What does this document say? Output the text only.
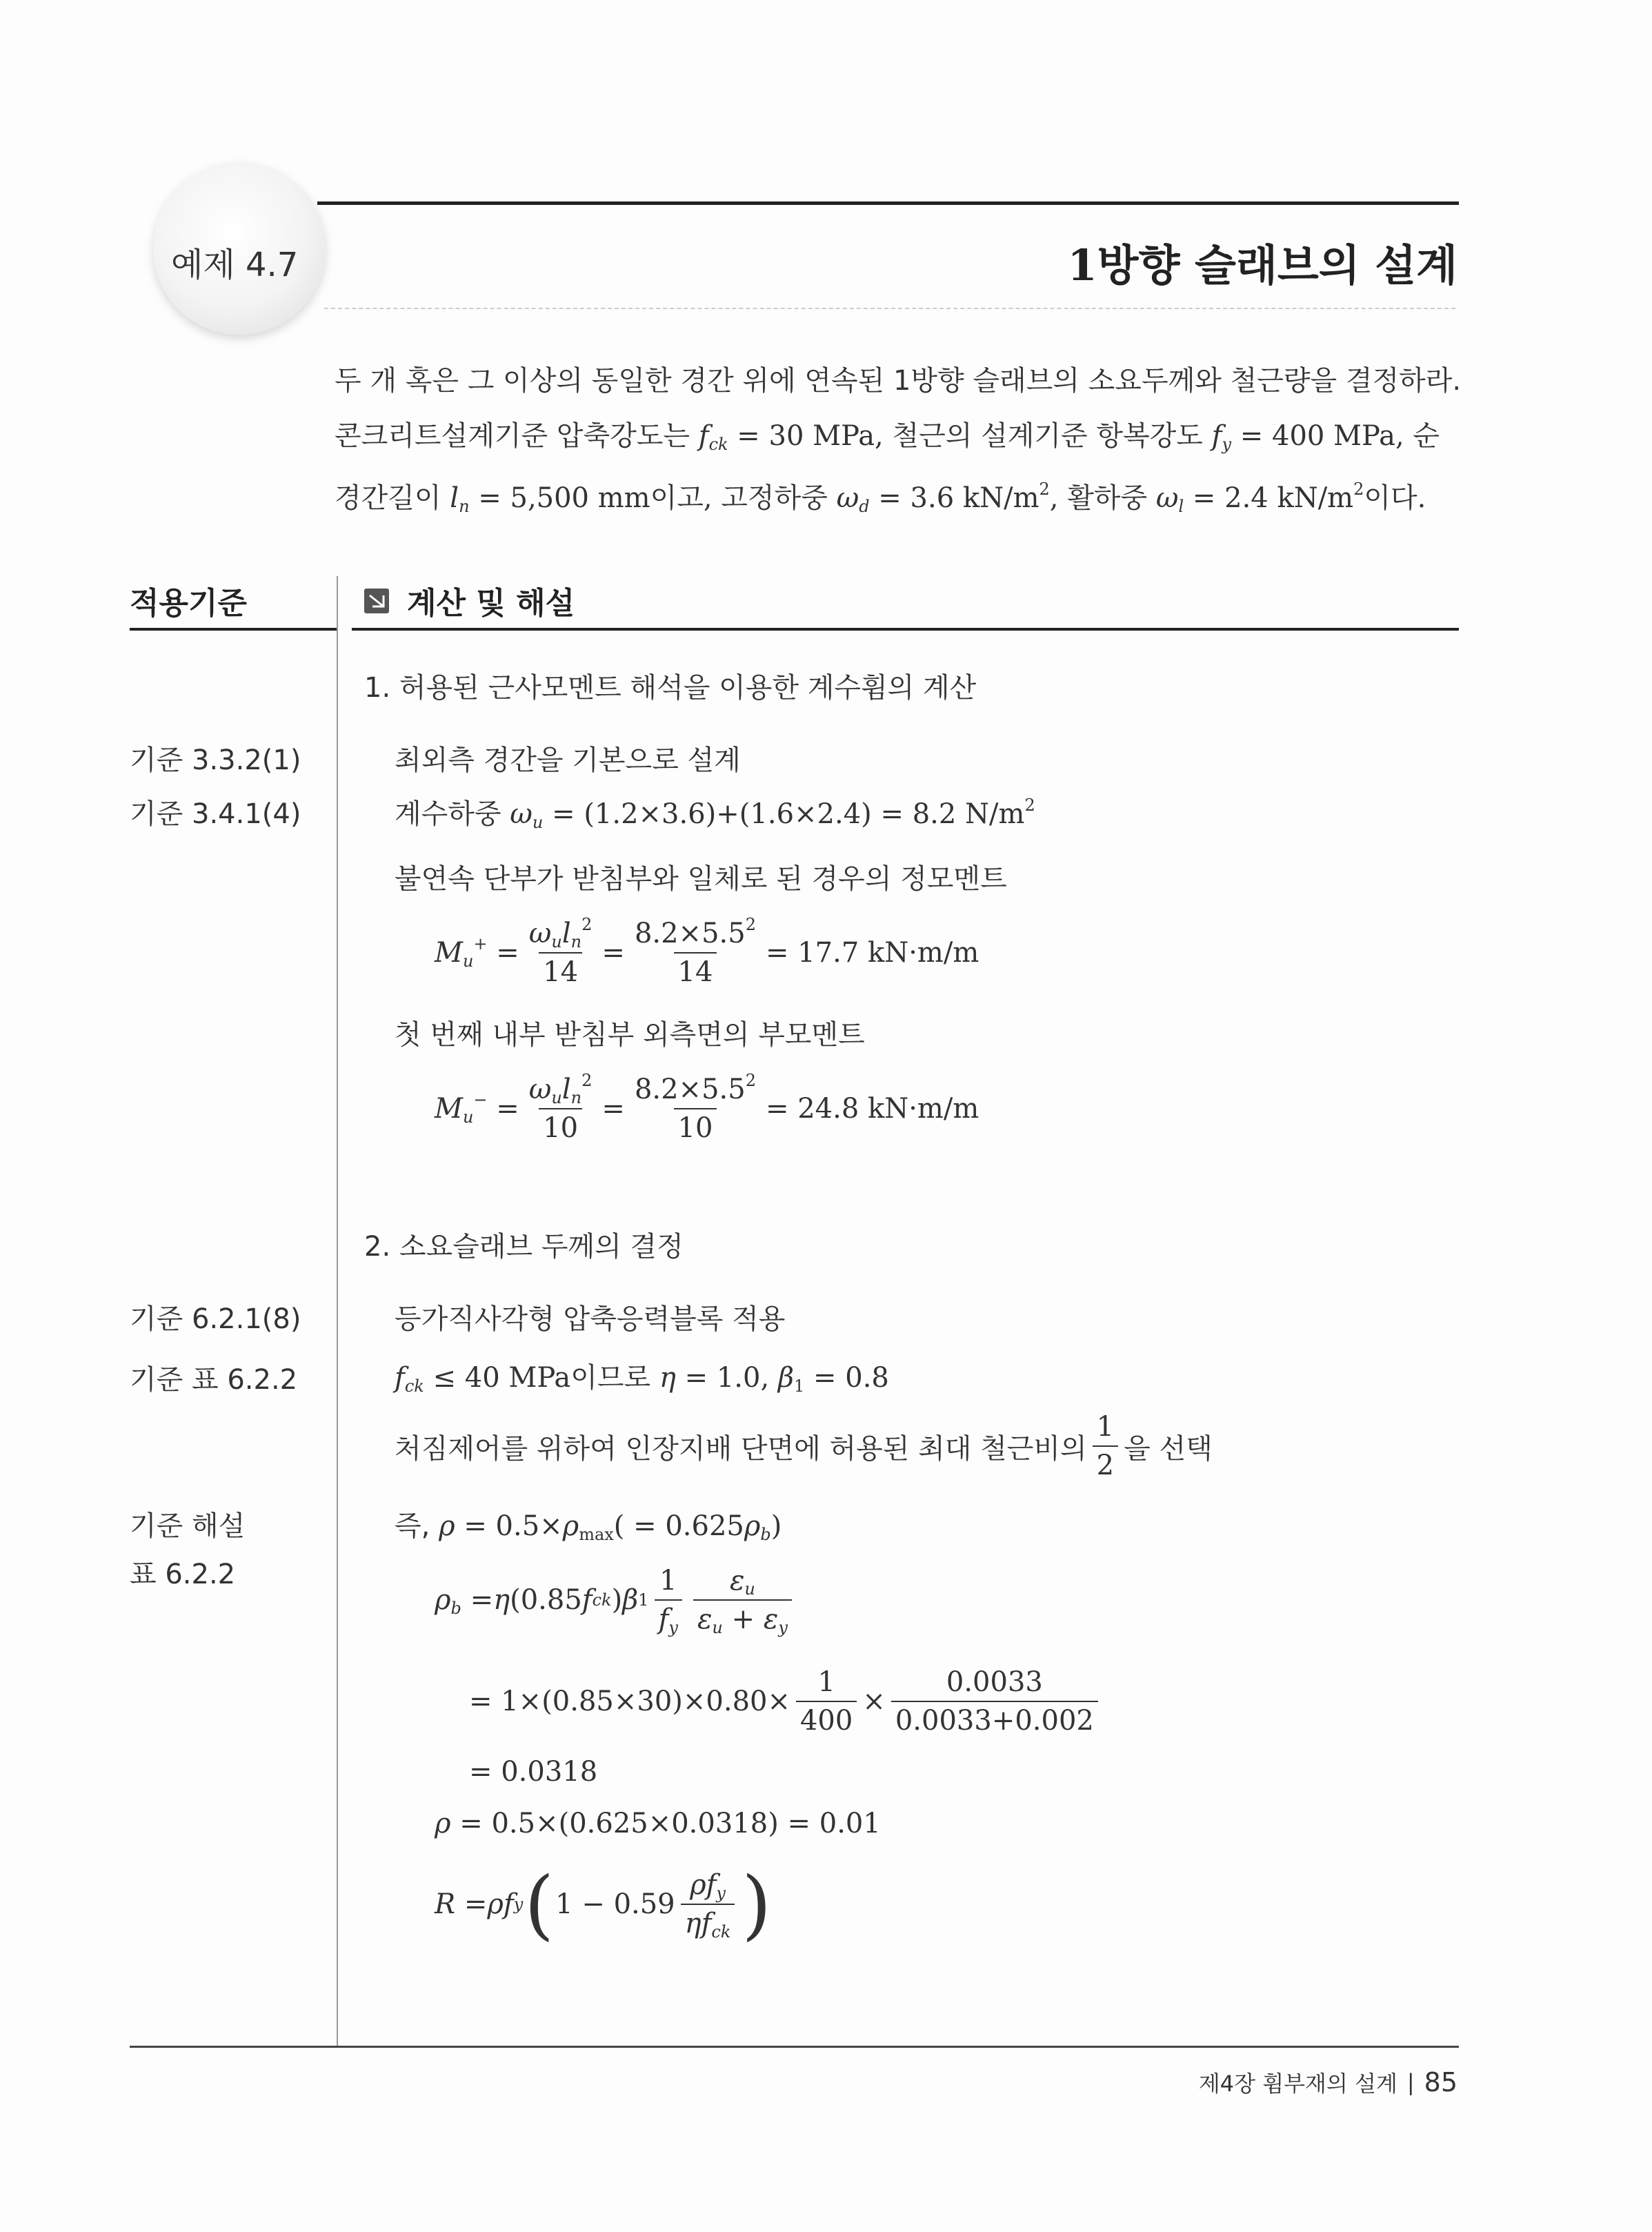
예제 4.7	1방향 슬래브의 설계
두 개 혹은 그 이상의 동일한 경간 위에 연속된 1방향 슬래브의 소요두께와 철근량을 결정하라.
콘크리트설계기준 압축강도는 $f_{ck} = 30$ MPa, 철근의 설계기준 항복강도 $f_y = 400$ MPa, 순
경간길이 $l_n = 5,500$ mm이고, 고정하중 $\omega_d = 3.6$ $kN/m^2$, 활하중 $\omega_l = 2.4$ $kN/m^2$이다.
적용기준	계산 및 해설
기준 3.3.2(1)
기준 3.4.1(4)
기준 6.2.1(8)
기준 표 6.2.2
기준 해설
표 6.2.2
1. 허용된 근사모멘트 해석을 이용한 계수휨의 계산
최외측 경간을 기본으로 설계
계수하중 $\omega_u = (1.2\times 3.6)+(1.6\times 2.4) = 8.2$ $N/m^2$
불연속 단부가 받침부와 일체로 된 경우의 정모멘트
$M_u^+ = \frac{\omega_ul_n^2}{14} = \frac{8.2\times 5.5^2}{14} = 17.7$ kN·m/m
첫 번째 내부 받침부 외측면의 부모멘트
$M_u^- = \frac{\omega_ul_n^2}{10} = \frac{8.2\times 5.5^2}{10} = 24.8$ kN·m/m
2. 소요슬래브 두께의 결정
등가직사각형 압축응력블록 적용
$f_{ck} \le 40$ MPa이므로 η = 1.0, $\beta_1 = 0.8$
처짐제어를 위하여 인장지배 단면에 허용된 최대 철근비의 $\frac{1}{2}$ 을 선택
즉, $\rho = 0.5\times\rho_{max}( = 0.625\rho_b)$
$\rho_b = \eta$ (0.85 f ck ) β $1 \frac{1}{f_y} \frac{\varepsilon_u}{\varepsilon_u + \varepsilon_y}$
= $1\times(0.85\times 30)\times 0.80\times \frac{1}{400} \times \frac{0.0033}{0.0033+0.002}$
= 0.0318
ρ = 0.5×(0.625×0.0318) = 0.01
R
= ρf y ( $1 - 0.59 \frac{\rho f_y}{\eta f_{ck}}$ )
제4장 휨부재의 설계 | 85
